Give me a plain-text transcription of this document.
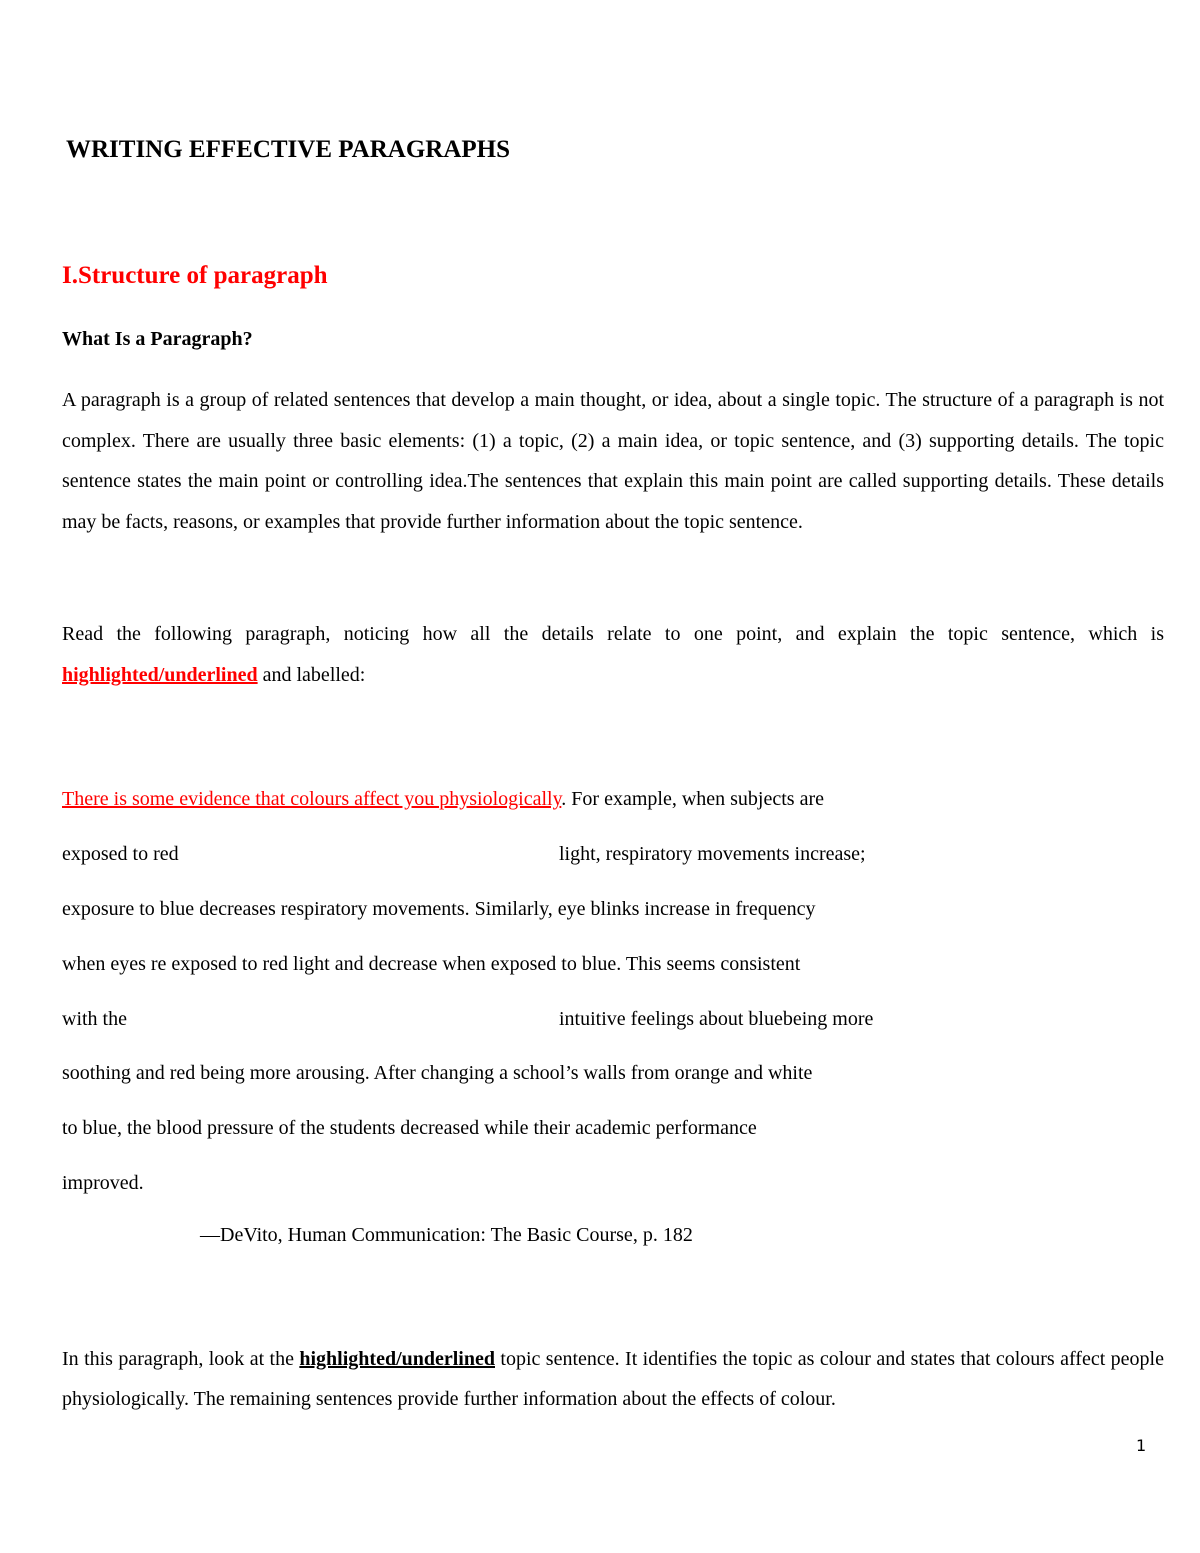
WRITING EFFECTIVE PARAGRAPHS
I.Structure of paragraph
What Is a Paragraph?
A paragraph is a group of related sentences that develop a main thought, or idea, about a single topic. The structure of a paragraph is not complex. There are usually three basic elements: (1) a topic, (2) a main idea, or topic sentence, and (3) supporting details. The topic sentence states the main point or controlling idea.The sentences that explain this main point are called supporting details. These details may be facts, reasons, or examples that provide further information about the topic sentence.
Read the following paragraph, noticing how all the details relate to one point, and explain the topic sentence, which is highlighted/underlined and labelled:
There is some evidence that colours affect you physiologically. For example, when subjects are
exposed to red	light, respiratory movements increase;
exposure to blue decreases respiratory movements. Similarly, eye blinks increase in frequency
when eyes re exposed to red light and decrease when exposed to blue. This seems consistent
with the	intuitive feelings about bluebeing more
soothing and red being more arousing. After changing a school’s walls from orange and white
to blue, the blood pressure of the students decreased while their academic performance
improved.
—DeVito, Human Communication: The Basic Course, p. 182
In this paragraph, look at the highlighted/underlined topic sentence. It identifies the topic as colour and states that colours affect people physiologically. The remaining sentences provide further information about the effects of colour.
1
